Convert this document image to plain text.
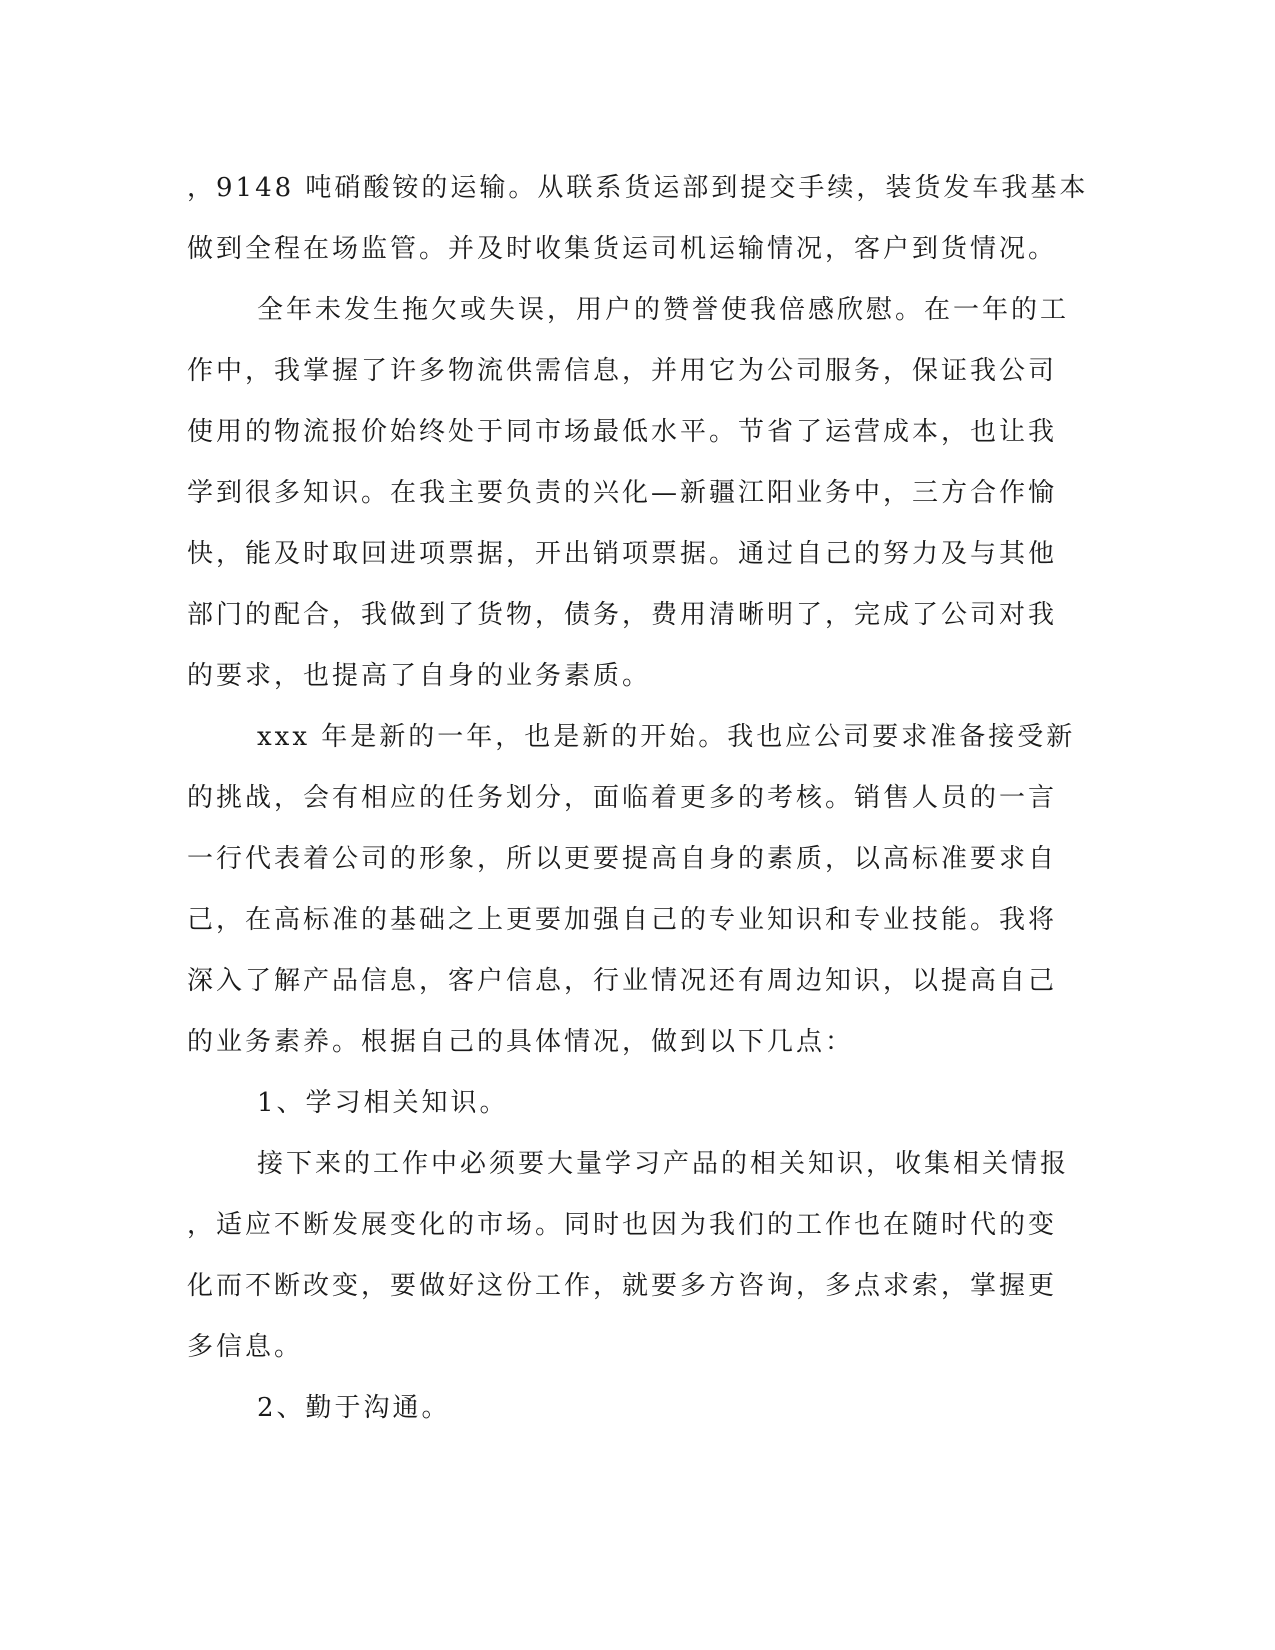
，9148 吨硝酸铵的运输。从联系货运部到提交手续，装货发车我基本
做到全程在场监管。并及时收集货运司机运输情况，客户到货情况。
全年未发生拖欠或失误，用户的赞誉使我倍感欣慰。在一年的工
作中，我掌握了许多物流供需信息，并用它为公司服务，保证我公司
使用的物流报价始终处于同市场最低水平。节省了运营成本，也让我
学到很多知识。在我主要负责的兴化—新疆江阳业务中，三方合作愉
快，能及时取回进项票据，开出销项票据。通过自己的努力及与其他
部门的配合，我做到了货物，债务，费用清晰明了，完成了公司对我
的要求，也提高了自身的业务素质。
xxx 年是新的一年，也是新的开始。我也应公司要求准备接受新
的挑战，会有相应的任务划分，面临着更多的考核。销售人员的一言
一行代表着公司的形象，所以更要提高自身的素质，以高标准要求自
己，在高标准的基础之上更要加强自己的专业知识和专业技能。我将
深入了解产品信息，客户信息，行业情况还有周边知识，以提高自己
的业务素养。根据自己的具体情况，做到以下几点：
1、学习相关知识。
接下来的工作中必须要大量学习产品的相关知识，收集相关情报
，适应不断发展变化的市场。同时也因为我们的工作也在随时代的变
化而不断改变，要做好这份工作，就要多方咨询，多点求索，掌握更
多信息。
2、勤于沟通。
